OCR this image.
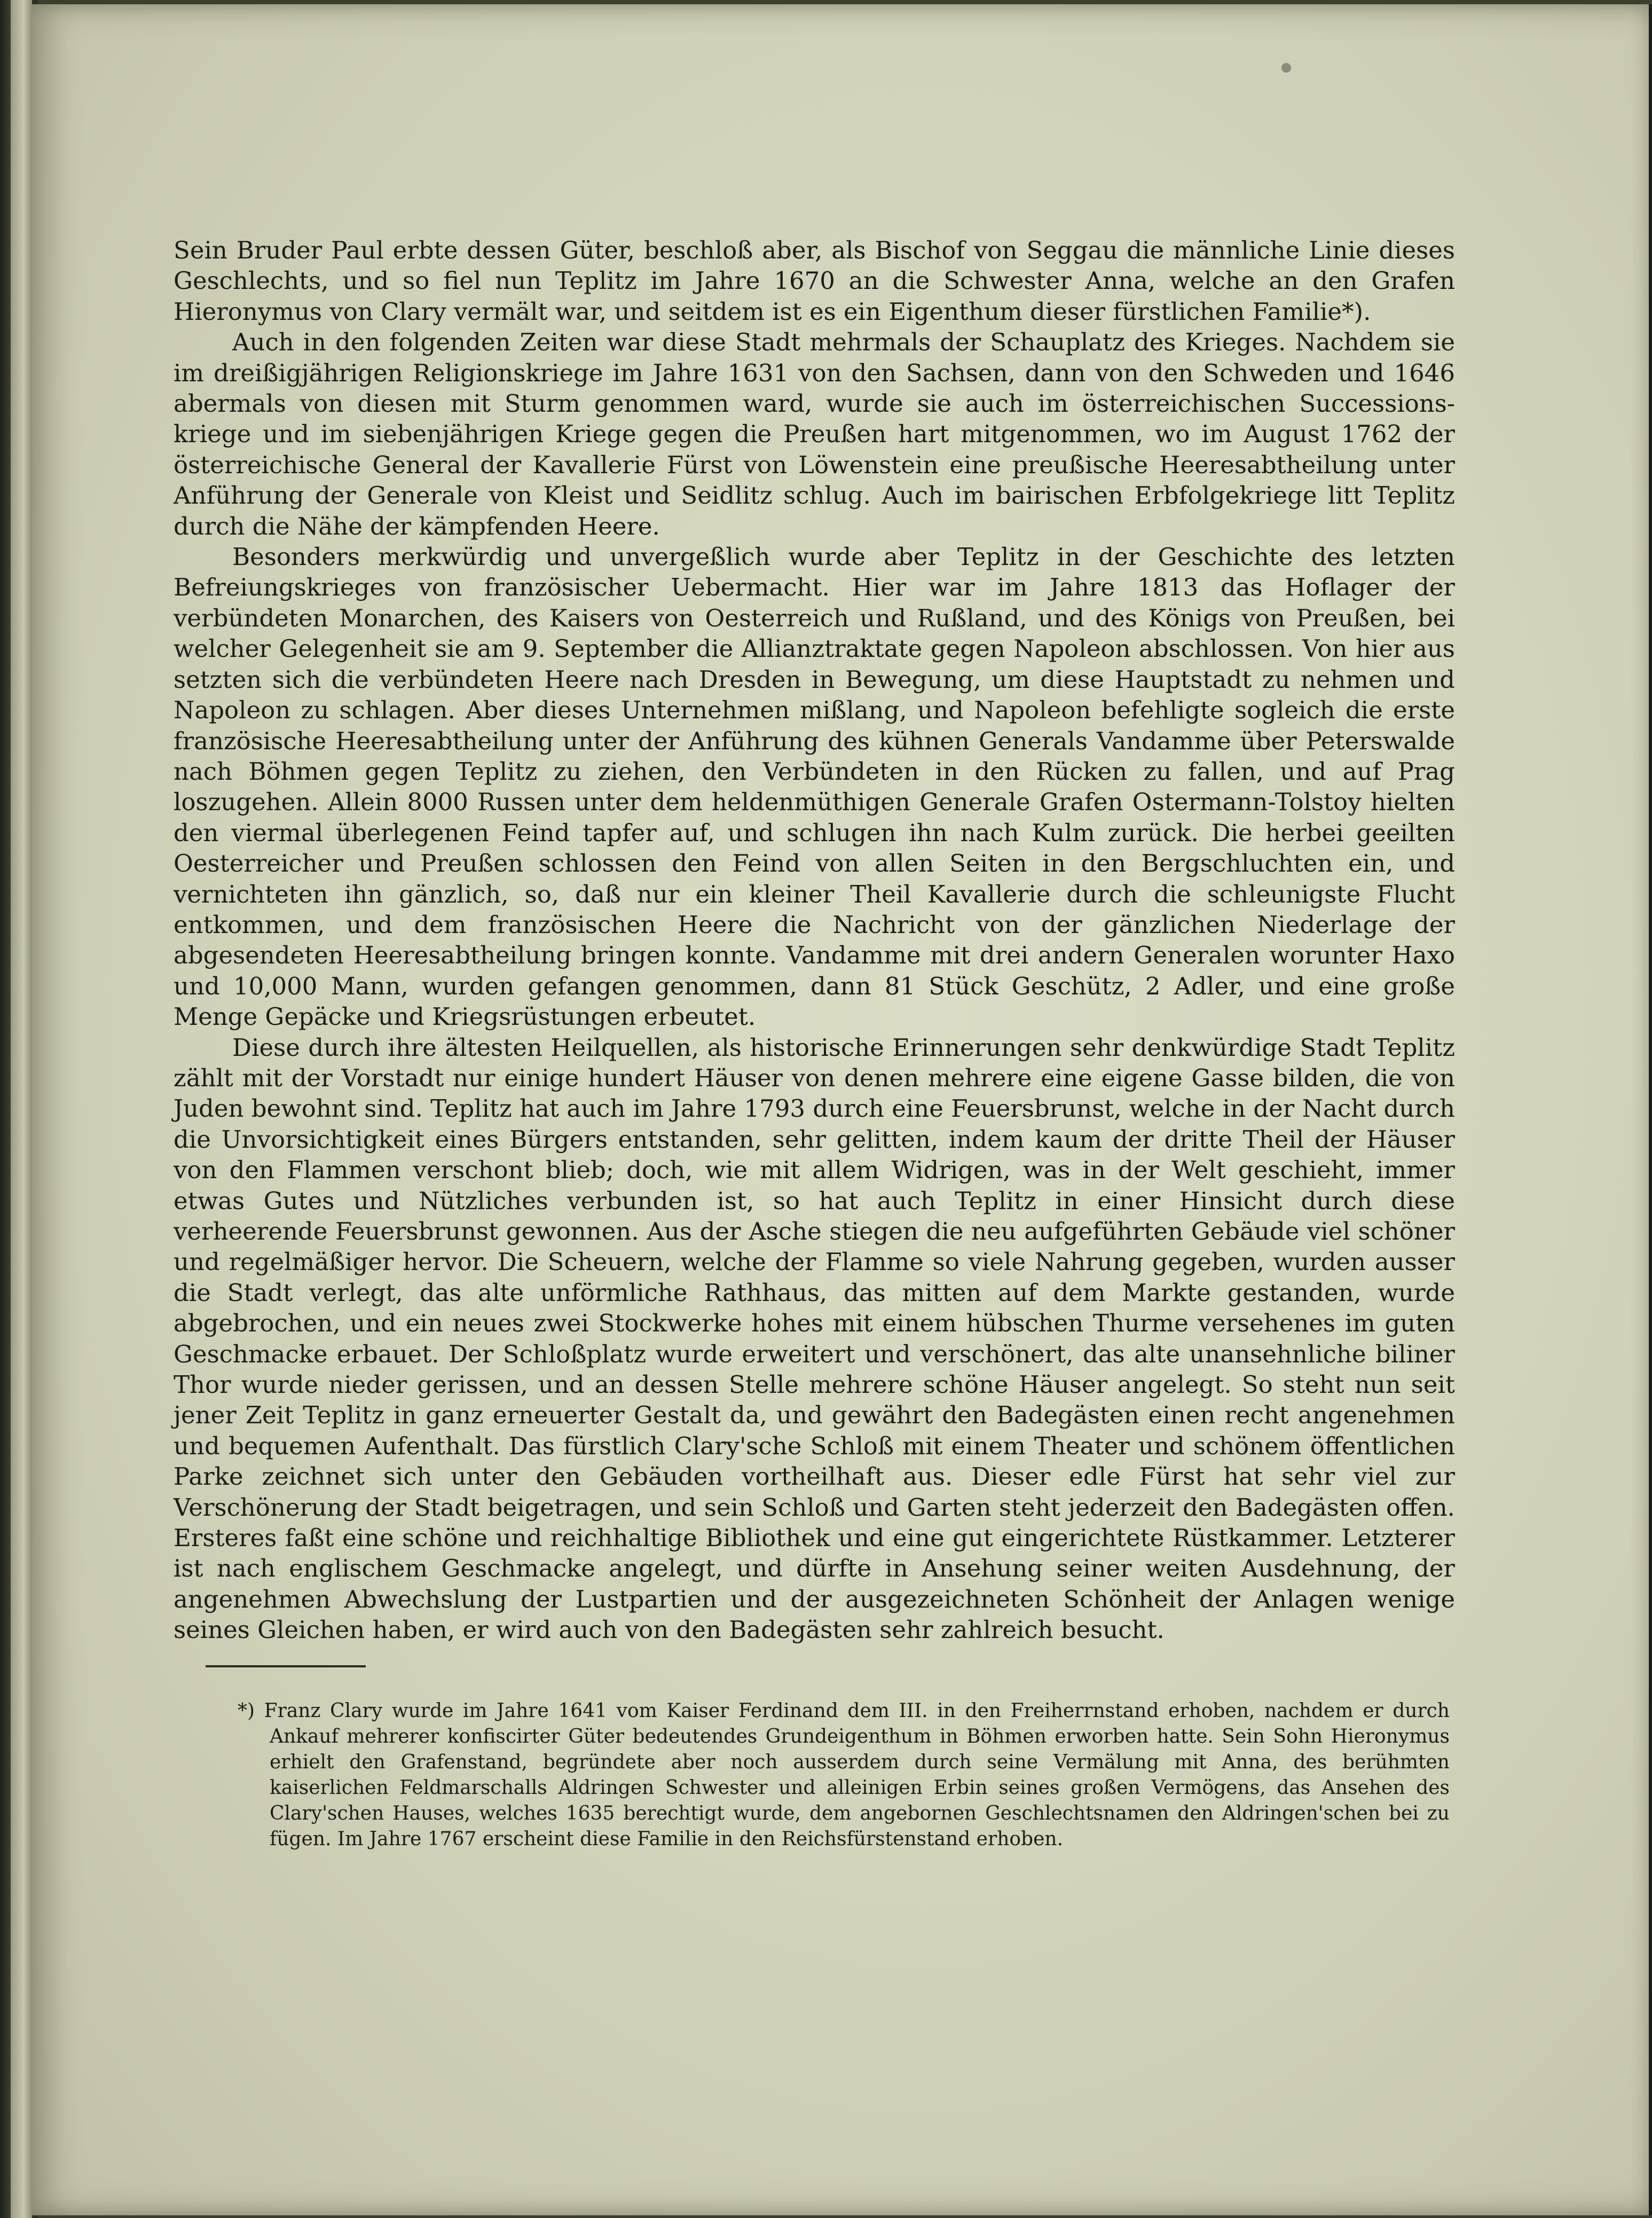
Sein Bruder Paul erbte dessen Güter, beschloß aber, als Bischof von Seggau die männliche Linie dieses Geschlechts, und so fiel nun Teplitz im Jahre 1670 an die Schwester Anna, welche an den Grafen Hieronymus von Clary vermält war, und seitdem ist es ein Eigenthum dieser fürstlichen Familie*).

Auch in den folgenden Zeiten war diese Stadt mehrmals der Schauplatz des Krieges. Nachdem sie im dreißigjährigen Religionskriege im Jahre 1631 von den Sachsen, dann von den Schweden und 1646 abermals von diesen mit Sturm genommen ward, wurde sie auch im österreichischen Successions-kriege und im siebenjährigen Kriege gegen die Preußen hart mitgenommen, wo im August 1762 der österreichische General der Kavallerie Fürst von Löwenstein eine preußische Heeresabtheilung unter Anführung der Generale von Kleist und Seidlitz schlug. Auch im bairischen Erbfolgekriege litt Teplitz durch die Nähe der kämpfenden Heere.

Besonders merkwürdig und unvergeßlich wurde aber Teplitz in der Geschichte des letzten Befreiungskrieges von französischer Uebermacht. Hier war im Jahre 1813 das Hoflager der verbündeten Monarchen, des Kaisers von Oesterreich und Rußland, und des Königs von Preußen, bei welcher Gelegenheit sie am 9. September die Allianztraktate gegen Napoleon abschlossen. Von hier aus setzten sich die verbündeten Heere nach Dresden in Bewegung, um diese Hauptstadt zu nehmen und Napoleon zu schlagen. Aber dieses Unternehmen mißlang, und Napoleon befehligte sogleich die erste französische Heeresabtheilung unter der Anführung des kühnen Generals Vandamme über Peterswalde nach Böhmen gegen Teplitz zu ziehen, den Verbündeten in den Rücken zu fallen, und auf Prag loszugehen. Allein 8000 Russen unter dem heldenmüthigen Generale Grafen Ostermann-Tolstoy hielten den viermal überlegenen Feind tapfer auf, und schlugen ihn nach Kulm zurück. Die herbei geeilten Oesterreicher und Preußen schlossen den Feind von allen Seiten in den Bergschluchten ein, und vernichteten ihn gänzlich, so, daß nur ein kleiner Theil Kavallerie durch die schleunigste Flucht entkommen, und dem französischen Heere die Nachricht von der gänzlichen Niederlage der abgesendeten Heeresabtheilung bringen konnte. Vandamme mit drei andern Generalen worunter Haxo und 10,000 Mann, wurden gefangen genommen, dann 81 Stück Geschütz, 2 Adler, und eine große Menge Gepäcke und Kriegsrüstungen erbeutet.

Diese durch ihre ältesten Heilquellen, als historische Erinnerungen sehr denkwürdige Stadt Teplitz zählt mit der Vorstadt nur einige hundert Häuser von denen mehrere eine eigene Gasse bilden, die von Juden bewohnt sind. Teplitz hat auch im Jahre 1793 durch eine Feuersbrunst, welche in der Nacht durch die Unvorsichtigkeit eines Bürgers entstanden, sehr gelitten, indem kaum der dritte Theil der Häuser von den Flammen verschont blieb; doch, wie mit allem Widrigen, was in der Welt geschieht, immer etwas Gutes und Nützliches verbunden ist, so hat auch Teplitz in einer Hinsicht durch diese verheerende Feuersbrunst gewonnen. Aus der Asche stiegen die neu aufgeführten Gebäude viel schöner und regelmäßiger hervor. Die Scheuern, welche der Flamme so viele Nahrung gegeben, wurden ausser die Stadt verlegt, das alte unförmliche Rathhaus, das mitten auf dem Markte gestanden, wurde abgebrochen, und ein neues zwei Stockwerke hohes mit einem hübschen Thurme versehenes im guten Geschmacke erbauet. Der Schloßplatz wurde erweitert und verschönert, das alte unansehnliche biliner Thor wurde nieder gerissen, und an dessen Stelle mehrere schöne Häuser angelegt. So steht nun seit jener Zeit Teplitz in ganz erneuerter Gestalt da, und gewährt den Badegästen einen recht angenehmen und bequemen Aufenthalt. Das fürstlich Clary'sche Schloß mit einem Theater und schönem öffentlichen Parke zeichnet sich unter den Gebäuden vortheilhaft aus. Dieser edle Fürst hat sehr viel zur Verschönerung der Stadt beigetragen, und sein Schloß und Garten steht jederzeit den Badegästen offen. Ersteres faßt eine schöne und reichhaltige Bibliothek und eine gut eingerichtete Rüstkammer. Letzterer ist nach englischem Geschmacke angelegt, und dürfte in Ansehung seiner weiten Ausdehnung, der angenehmen Abwechslung der Lustpartien und der ausgezeichneten Schönheit der Anlagen wenige seines Gleichen haben, er wird auch von den Badegästen sehr zahlreich besucht.

*) Franz Clary wurde im Jahre 1641 vom Kaiser Ferdinand dem III. in den Freiherrnstand erhoben, nachdem er durch Ankauf mehrerer konfiscirter Güter bedeutendes Grundeigenthum in Böhmen erworben hatte. Sein Sohn Hieronymus erhielt den Grafenstand, begründete aber noch ausserdem durch seine Vermälung mit Anna, des berühmten kaiserlichen Feldmarschalls Aldringen Schwester und alleinigen Erbin seines großen Vermögens, das Ansehen des Clary'schen Hauses, welches 1635 berechtigt wurde, dem angebornen Geschlechtsnamen den Aldringen'schen bei zu fügen. Im Jahre 1767 erscheint diese Familie in den Reichsfürstenstand erhoben.
